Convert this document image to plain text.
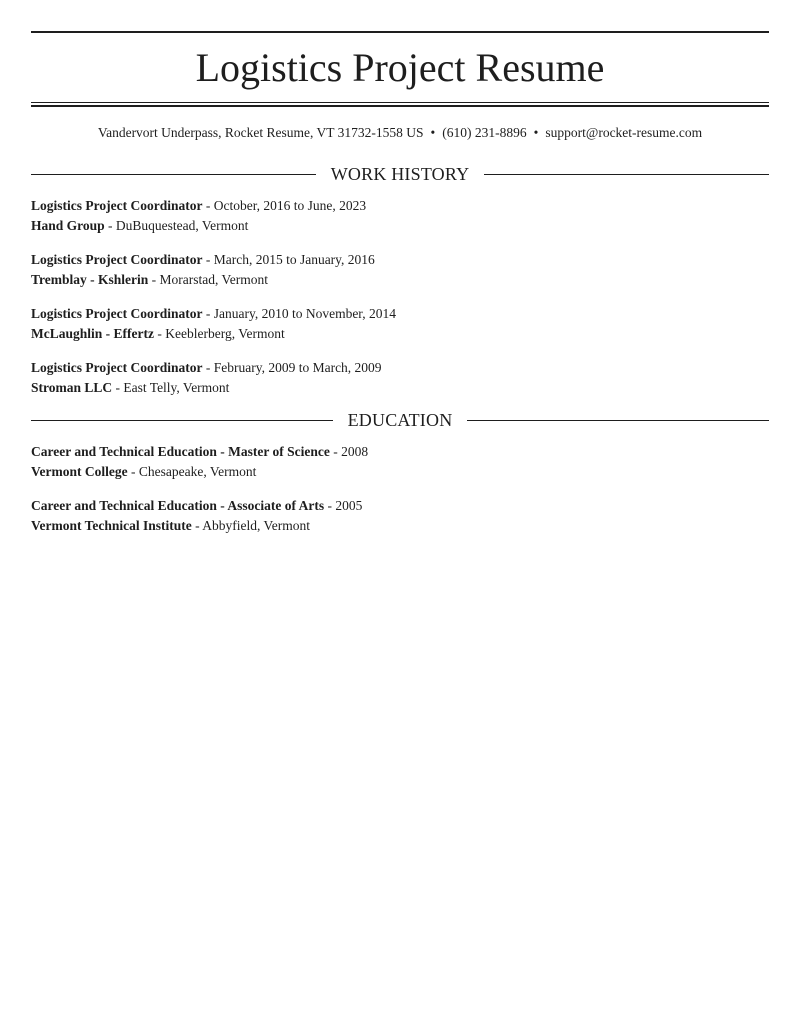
Logistics Project Resume
Vandervort Underpass, Rocket Resume, VT 31732-1558 US • (610) 231-8896 • support@rocket-resume.com
WORK HISTORY
Logistics Project Coordinator - October, 2016 to June, 2023
Hand Group - DuBuquestead, Vermont
Logistics Project Coordinator - March, 2015 to January, 2016
Tremblay - Kshlerin - Morarstad, Vermont
Logistics Project Coordinator - January, 2010 to November, 2014
McLaughlin - Effertz - Keeblerberg, Vermont
Logistics Project Coordinator - February, 2009 to March, 2009
Stroman LLC - East Telly, Vermont
EDUCATION
Career and Technical Education - Master of Science - 2008
Vermont College - Chesapeake, Vermont
Career and Technical Education - Associate of Arts - 2005
Vermont Technical Institute - Abbyfield, Vermont
